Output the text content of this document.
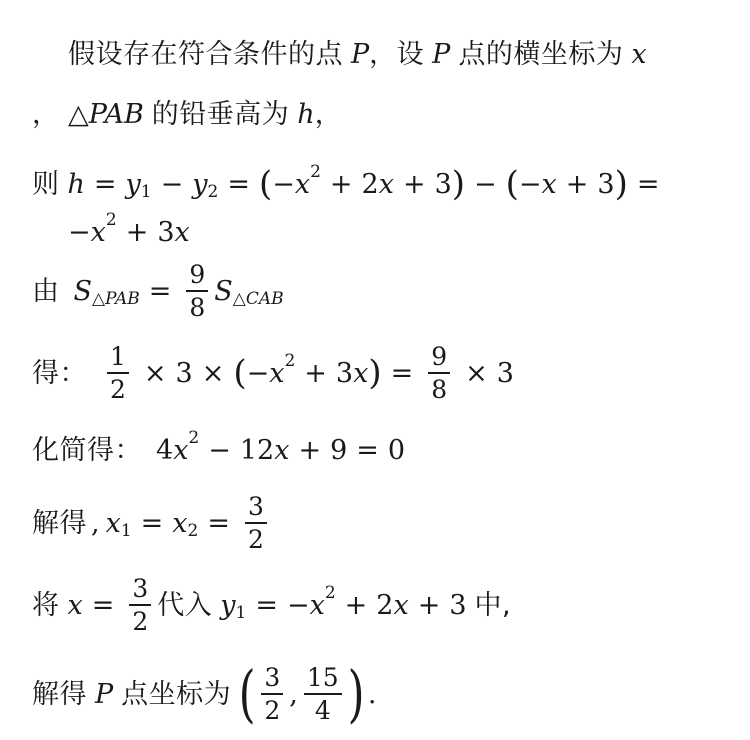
假设存在符合条件的点 P ，设 P 点的横坐标为 x
， △ PAB 的铅垂高为 h ，
则 h = y 1 − y 2 = ( − x 2 + 2 x + 3 ) − ( − x + 3 ) =
− x 2 + 3 x
由 S △ PAB = $\frac{9}{8}$ S △ CAB
得： $\frac{1}{2} \times 3$ × ( − x 2 + 3 x ) = $\frac{9}{8} \times 3$
化简得： 4 x 2 − 12 x + 9 = 0
解得 , x 1 = x $2 = \frac{3}{2}$
将 $x = \frac{3}{2}$ 代入 y 1 = − x 2 + 2 x + 3 中,
解得 P 点坐标为 ( $\frac{3}{2}$ , $\frac{15}{4}$ ) .
